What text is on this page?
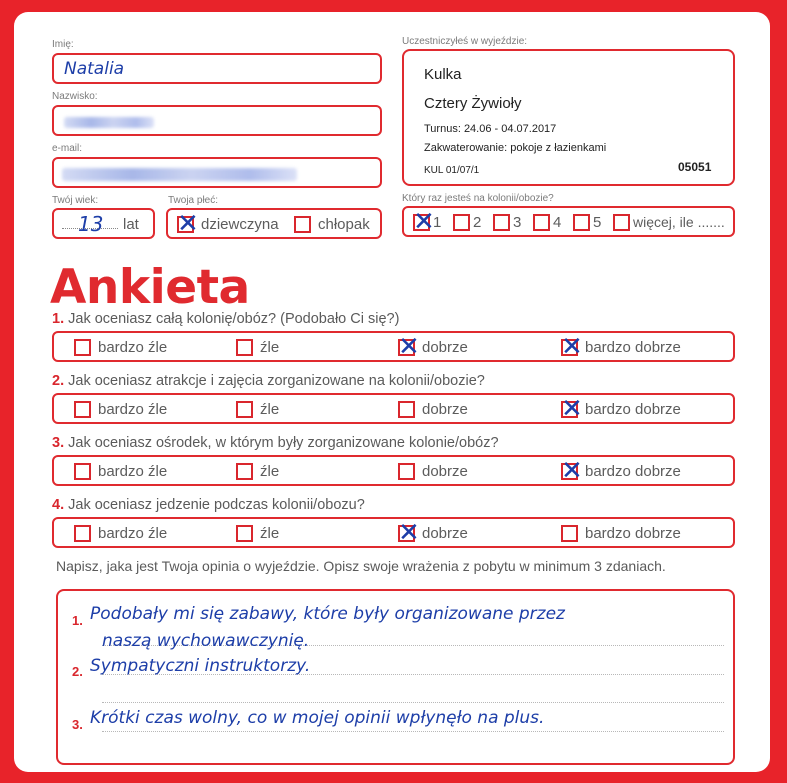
Imię:
Natalia
Nazwisko:
e-mail:
Twój wiek:
13 lat
Twoja płeć:
✕ dziewczyna	chłopak
Uczestniczyłeś w wyjeździe:
Kulka
Cztery Żywioły
Turnus: 24.06 - 04.07.2017
Zakwaterowanie: pokoje z łazienkami
KUL 01/07/1	05051
Który raz jesteś na kolonii/obozie?
✕
1 2 3 4 5 więcej, ile .......
Ankieta
1. Jak oceniasz całą kolonię/obóz? (Podobało Ci się?)
bardzo źle	źle	✕ dobrze	✕ bardzo dobrze
2. Jak oceniasz atrakcje i zajęcia zorganizowane na kolonii/obozie?
bardzo źle	źle	dobrze	✕ bardzo dobrze
3. Jak oceniasz ośrodek, w którym były zorganizowane kolonie/obóz?
bardzo źle	źle	dobrze	✕ bardzo dobrze
4. Jak oceniasz jedzenie podczas kolonii/obozu?
bardzo źle	źle	✕ dobrze	bardzo dobrze
Napisz, jaka jest Twoja opinia o wyjeździe. Opisz swoje wrażenia z pobytu w minimum 3 zdaniach.
1. Podobały mi się zabawy, które były organizowane przez
naszą wychowawczynię.
2. Sympatyczni instruktorzy.
3. Krótki czas wolny, co w mojej opinii wpłynęło na plus.
